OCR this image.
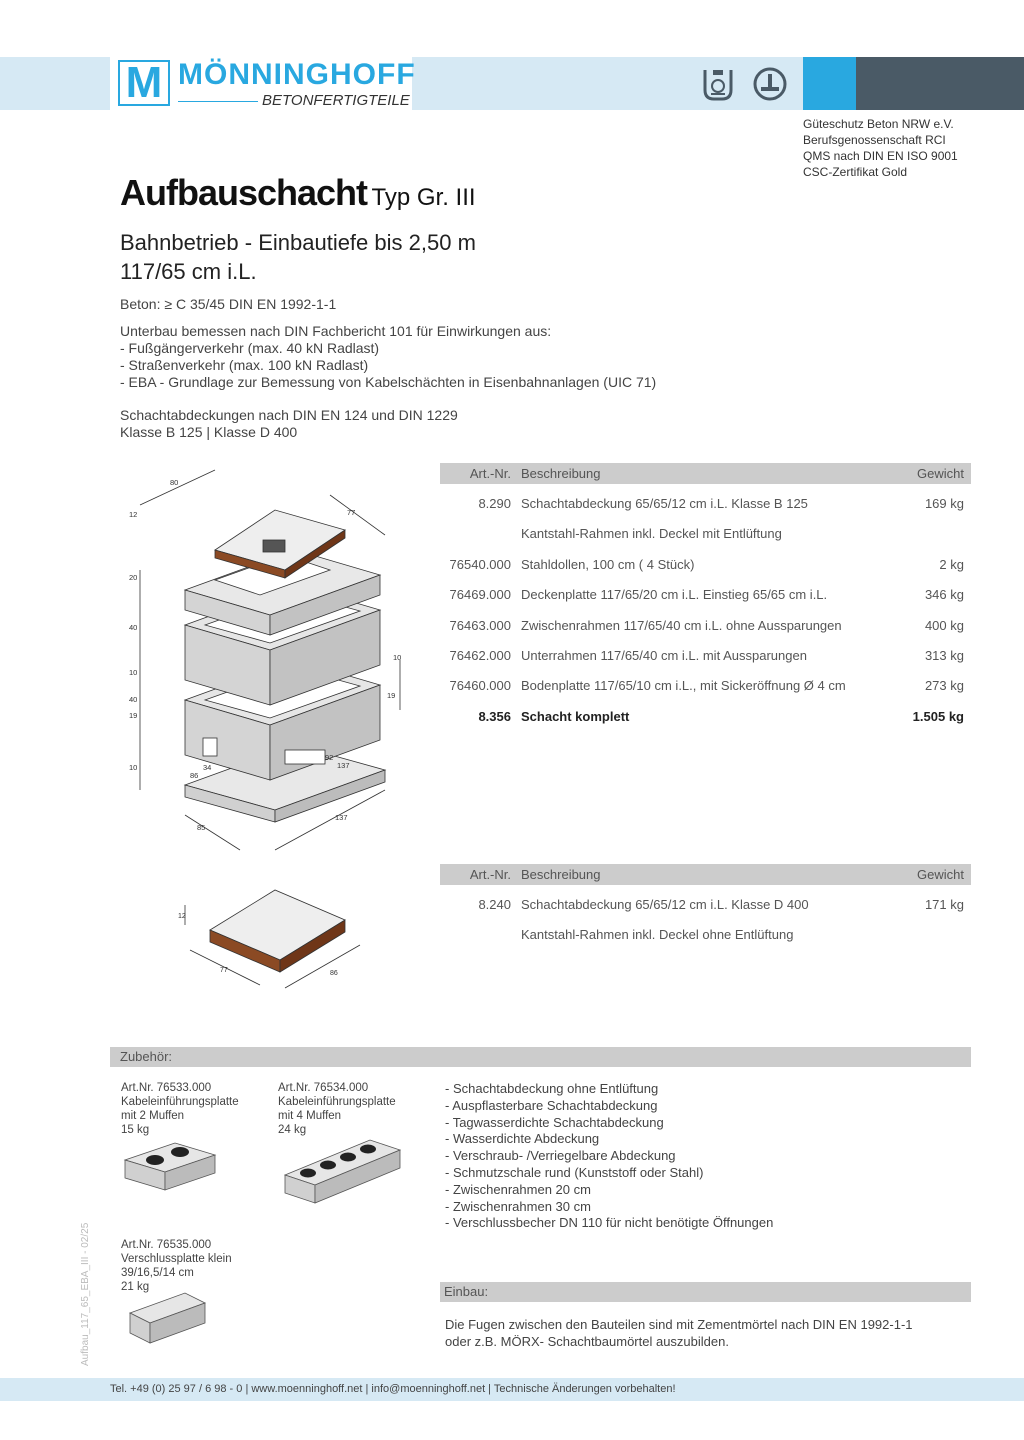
M MÖNNINGHOFF
BETONFERTIGTEILE
Güteschutz Beton NRW e.V.
Berufsgenossenschaft RCI
QMS nach DIN EN ISO 9001
CSC-Zertifikat Gold
Aufbauschacht Typ Gr. III
Bahnbetrieb - Einbautiefe bis 2,50 m
117/65 cm i.L.
Beton: ≥ C 35/45 DIN EN 1992-1-1
Unterbau bemessen nach DIN Fachbericht 101 für Einwirkungen aus:
- Fußgängerverkehr (max. 40 kN Radlast)
- Straßenverkehr (max. 100 kN Radlast)
- EBA - Grundlage zur Bemessung von Kabelschächten in Eisenbahnanlagen (UIC 71)
Schachtabdeckungen nach DIN EN 124 und DIN 1229
Klasse B 125 | Klasse D 400
Art.-Nr. Beschreibung	Gewicht
8.290 Schachtabdeckung 65/65/12 cm i.L. Klasse B 125	169 kg
Kantstahl-Rahmen inkl. Deckel mit Entlüftung
76540.000 Stahldollen, 100 cm ( 4 Stück)	2 kg
76469.000 Deckenplatte 117/65/20 cm i.L. Einstieg 65/65 cm i.L.	346 kg
76463.000 Zwischenrahmen 117/65/40 cm i.L. ohne Aussparungen	400 kg
76462.000 Unterrahmen 117/65/40 cm i.L. mit Aussparungen	313 kg
76460.000 Bodenplatte 117/65/10 cm i.L., mit Sickeröffnung Ø 4 cm	273 kg
8.356 Schacht komplett	1.505 kg
Art.-Nr. Beschreibung	Gewicht
8.240 Schachtabdeckung 65/65/12 cm i.L. Klasse D 400	171 kg
Kantstahl-Rahmen inkl. Deckel ohne Entlüftung
80
12	77
20
40
10
40
19
10
10
19
34
86
92
137
85
137
12
77	86
Zubehör:
Art.Nr. 76533.000
Kabeleinführungsplatte
mit 2 Muffen
15 kg
Art.Nr. 76534.000
Kabeleinführungsplatte
mit 4 Muffen
24 kg
Art.Nr. 76535.000
Verschlussplatte klein
39/16,5/14 cm
21 kg
- Schachtabdeckung ohne Entlüftung
- Auspflasterbare Schachtabdeckung
- Tagwasserdichte Schachtabdeckung
- Wasserdichte Abdeckung
- Verschraub- /Verriegelbare Abdeckung
- Schmutzschale rund (Kunststoff oder Stahl)
- Zwischenrahmen 20 cm
- Zwischenrahmen 30 cm
- Verschlussbecher DN 110 für nicht benötigte Öffnungen
Einbau:
Die Fugen zwischen den Bauteilen sind mit Zementmörtel nach DIN EN 1992-1-1
oder z.B. MÖRX- Schachtbaumörtel auszubilden.
Aufbau_117_65_EBA_III - 02/25
Tel. +49 (0) 25 97 / 6 98 - 0 | www.moenninghoff.net | info@moenninghoff.net | Technische Änderungen vorbehalten!
